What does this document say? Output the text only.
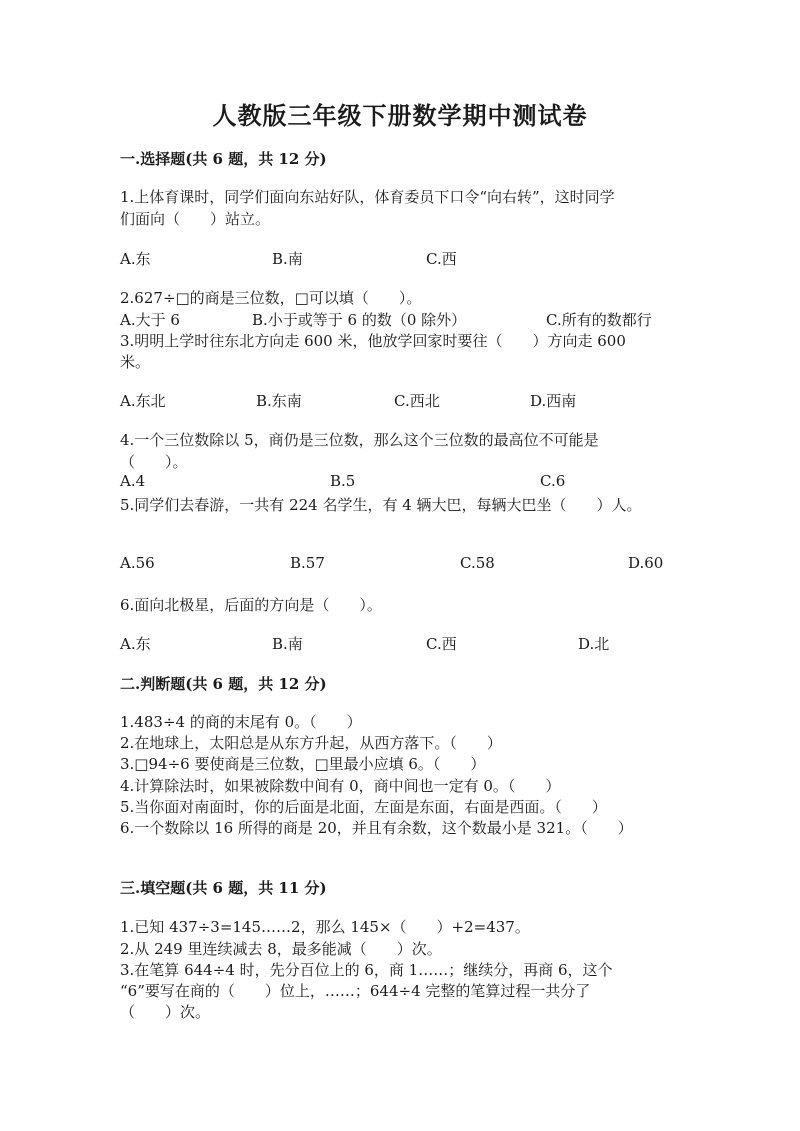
人教版三年级下册数学期中测试卷
一.选择题(共 6 题，共 12 分)
1.上体育课时，同学们面向东站好队，体育委员下口令“向右转”，这时同学
们面向（　　）站立。
A.东	B.南	C.西
2.627÷□的商是三位数，□可以填（　　）。
A.大于 6	B.小于或等于 6 的数（0 除外）	C.所有的数都行
3.明明上学时往东北方向走 600 米，他放学回家时要往（　　）方向走 600
米。
A.东北	B.东南	C.西北	D.西南
4.一个三位数除以 5，商仍是三位数，那么这个三位数的最高位不可能是
（　　）。
A.4	B.5	C.6
5.同学们去春游，一共有 224 名学生，有 4 辆大巴，每辆大巴坐（　　）人。
A.56	B.57	C.58	D.60
6.面向北极星，后面的方向是（　　）。
A.东	B.南	C.西	D.北
二.判断题(共 6 题，共 12 分)
1.483÷4 的商的末尾有 0。（　　）
2.在地球上，太阳总是从东方升起，从西方落下。（　　）
3.□94÷6 要使商是三位数，□里最小应填 6。（　　）
4.计算除法时，如果被除数中间有 0，商中间也一定有 0。（　　）
5.当你面对南面时，你的后面是北面，左面是东面，右面是西面。（　　）
6.一个数除以 16 所得的商是 20，并且有余数，这个数最小是 321。（　　）
三.填空题(共 6 题，共 11 分)
1.已知 437÷3=145……2，那么 145×（　　）+2=437。
2.从 249 里连续减去 8，最多能减（　　）次。
3.在笔算 644÷4 时，先分百位上的 6，商 1……；继续分，再商 6，这个
“6”要写在商的（　　）位上，……；644÷4 完整的笔算过程一共分了
（　　）次。
